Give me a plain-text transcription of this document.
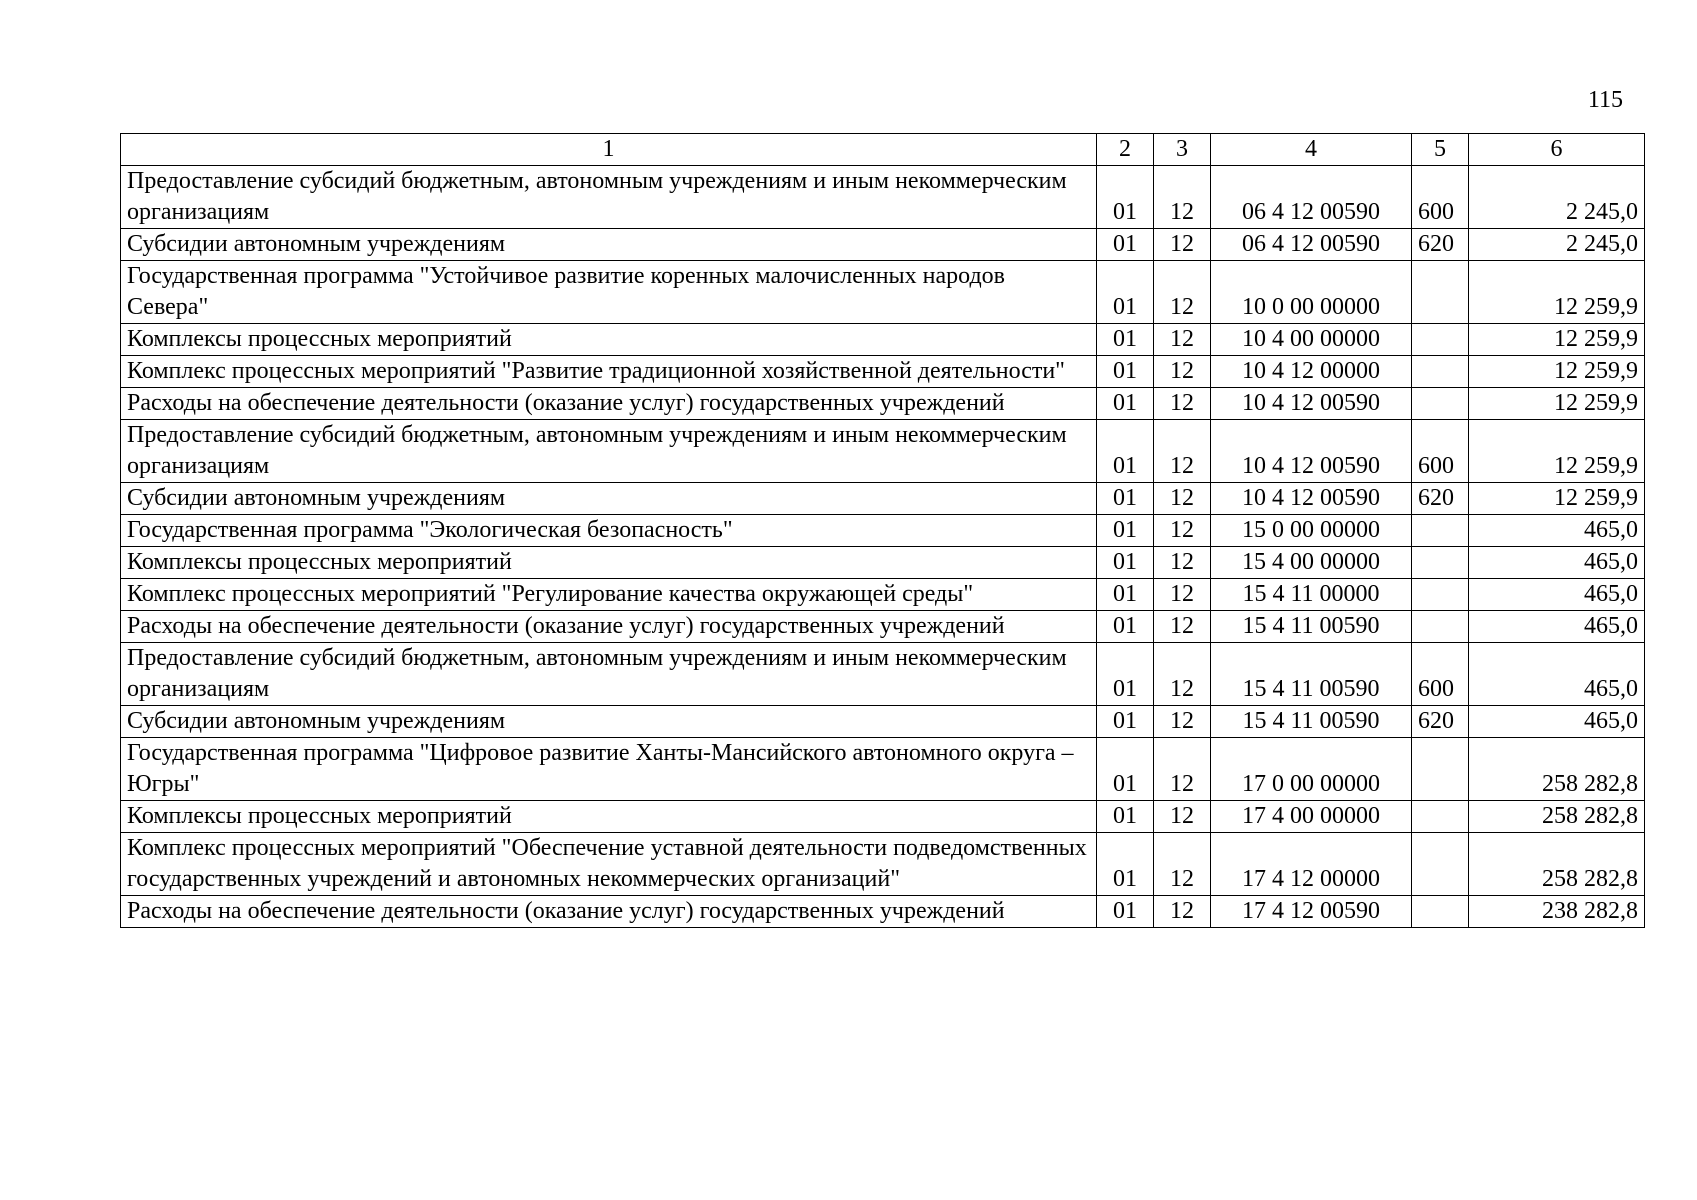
115
1	2	3	4	5	6
Предоставление субсидий бюджетным, автономным учреждениям и иным некоммерческим организациям	01	12	06 4 12 00590	600	2 245,0
Субсидии автономным учреждениям	01	12	06 4 12 00590	620	2 245,0
Государственная программа "Устойчивое развитие коренных малочисленных народов Севера"	01	12	10 0 00 00000		12 259,9
Комплексы процессных мероприятий	01	12	10 4 00 00000		12 259,9
Комплекс процессных мероприятий "Развитие традиционной хозяйственной деятельности"	01	12	10 4 12 00000		12 259,9
Расходы на обеспечение деятельности (оказание услуг) государственных учреждений	01	12	10 4 12 00590		12 259,9
Предоставление субсидий бюджетным, автономным учреждениям и иным некоммерческим организациям	01	12	10 4 12 00590	600	12 259,9
Субсидии автономным учреждениям	01	12	10 4 12 00590	620	12 259,9
Государственная программа "Экологическая безопасность"	01	12	15 0 00 00000		465,0
Комплексы процессных мероприятий	01	12	15 4 00 00000		465,0
Комплекс процессных мероприятий "Регулирование качества окружающей среды"	01	12	15 4 11 00000		465,0
Расходы на обеспечение деятельности (оказание услуг) государственных учреждений	01	12	15 4 11 00590		465,0
Предоставление субсидий бюджетным, автономным учреждениям и иным некоммерческим организациям	01	12	15 4 11 00590	600	465,0
Субсидии автономным учреждениям	01	12	15 4 11 00590	620	465,0
Государственная программа "Цифровое развитие Ханты-Мансийского автономного округа – Югры"	01	12	17 0 00 00000		258 282,8
Комплексы процессных мероприятий	01	12	17 4 00 00000		258 282,8
Комплекс процессных мероприятий "Обеспечение уставной деятельности подведомственных государственных учреждений и автономных некоммерческих организаций"	01	12	17 4 12 00000		258 282,8
Расходы на обеспечение деятельности (оказание услуг) государственных учреждений	01	12	17 4 12 00590		238 282,8
